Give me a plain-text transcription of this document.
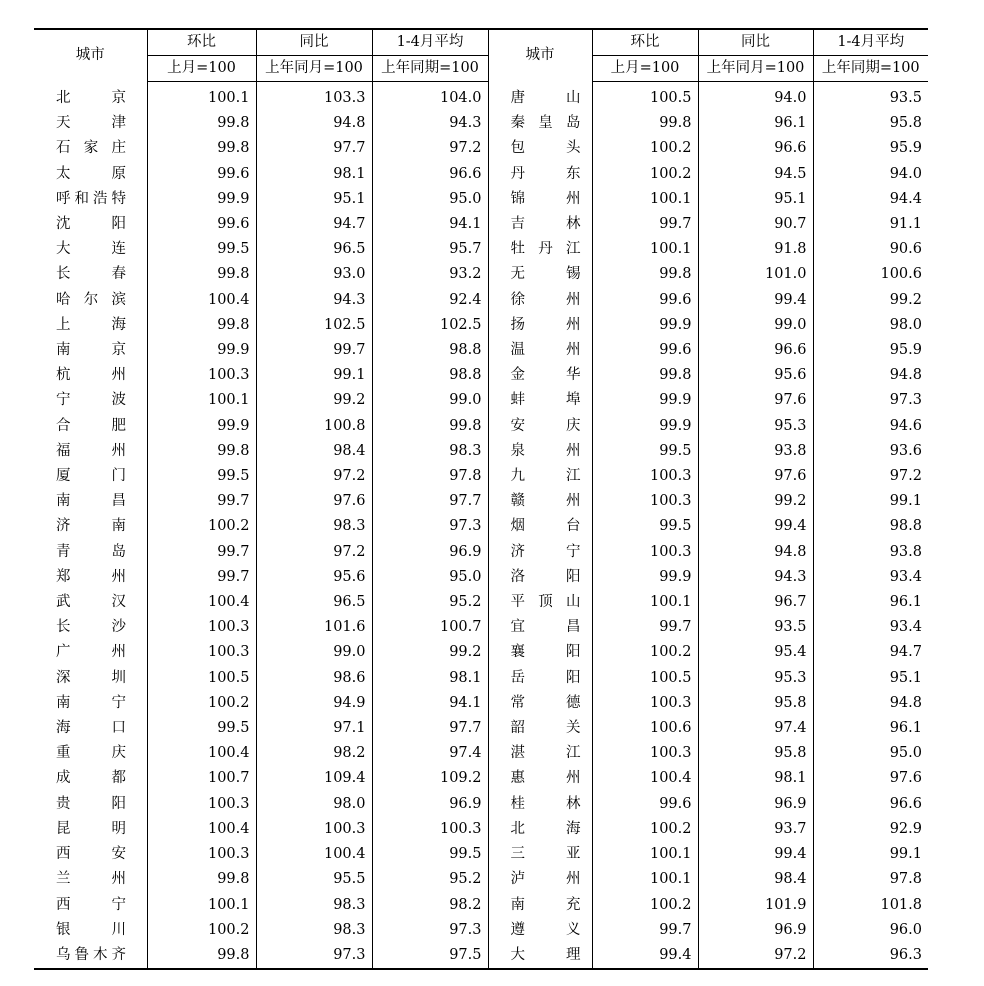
城市	环比	同比	1-4月平均	城市	环比	同比	1-4月平均
	上月=100	上年同月=100	上年同期=100		上月=100	上年同月=100	上年同期=100

北京	100.1	103.3	104.0	唐山	100.5	94.0	93.5

天津	99.8	94.8	94.3	秦皇岛	99.8	96.1	95.8

石家庄	99.8	97.7	97.2	包头	100.2	96.6	95.9

太原	99.6	98.1	96.6	丹东	100.2	94.5	94.0

呼和浩特	99.9	95.1	95.0	锦州	100.1	95.1	94.4

沈阳	99.6	94.7	94.1	吉林	99.7	90.7	91.1

大连	99.5	96.5	95.7	牡丹江	100.1	91.8	90.6

长春	99.8	93.0	93.2	无锡	99.8	101.0	100.6

哈尔滨	100.4	94.3	92.4	徐州	99.6	99.4	99.2

上海	99.8	102.5	102.5	扬州	99.9	99.0	98.0

南京	99.9	99.7	98.8	温州	99.6	96.6	95.9

杭州	100.3	99.1	98.8	金华	99.8	95.6	94.8

宁波	100.1	99.2	99.0	蚌埠	99.9	97.6	97.3

合肥	99.9	100.8	99.8	安庆	99.9	95.3	94.6

福州	99.8	98.4	98.3	泉州	99.5	93.8	93.6

厦门	99.5	97.2	97.8	九江	100.3	97.6	97.2

南昌	99.7	97.6	97.7	赣州	100.3	99.2	99.1

济南	100.2	98.3	97.3	烟台	99.5	99.4	98.8

青岛	99.7	97.2	96.9	济宁	100.3	94.8	93.8

郑州	99.7	95.6	95.0	洛阳	99.9	94.3	93.4

武汉	100.4	96.5	95.2	平顶山	100.1	96.7	96.1

长沙	100.3	101.6	100.7	宜昌	99.7	93.5	93.4

广州	100.3	99.0	99.2	襄阳	100.2	95.4	94.7

深圳	100.5	98.6	98.1	岳阳	100.5	95.3	95.1

南宁	100.2	94.9	94.1	常德	100.3	95.8	94.8

海口	99.5	97.1	97.7	韶关	100.6	97.4	96.1

重庆	100.4	98.2	97.4	湛江	100.3	95.8	95.0

成都	100.7	109.4	109.2	惠州	100.4	98.1	97.6

贵阳	100.3	98.0	96.9	桂林	99.6	96.9	96.6

昆明	100.4	100.3	100.3	北海	100.2	93.7	92.9

西安	100.3	100.4	99.5	三亚	100.1	99.4	99.1

兰州	99.8	95.5	95.2	泸州	100.1	98.4	97.8

西宁	100.1	98.3	98.2	南充	100.2	101.9	101.8

银川	100.2	98.3	97.3	遵义	99.7	96.9	96.0

乌鲁木齐	99.8	97.3	97.5	大理	99.4	97.2	96.3
